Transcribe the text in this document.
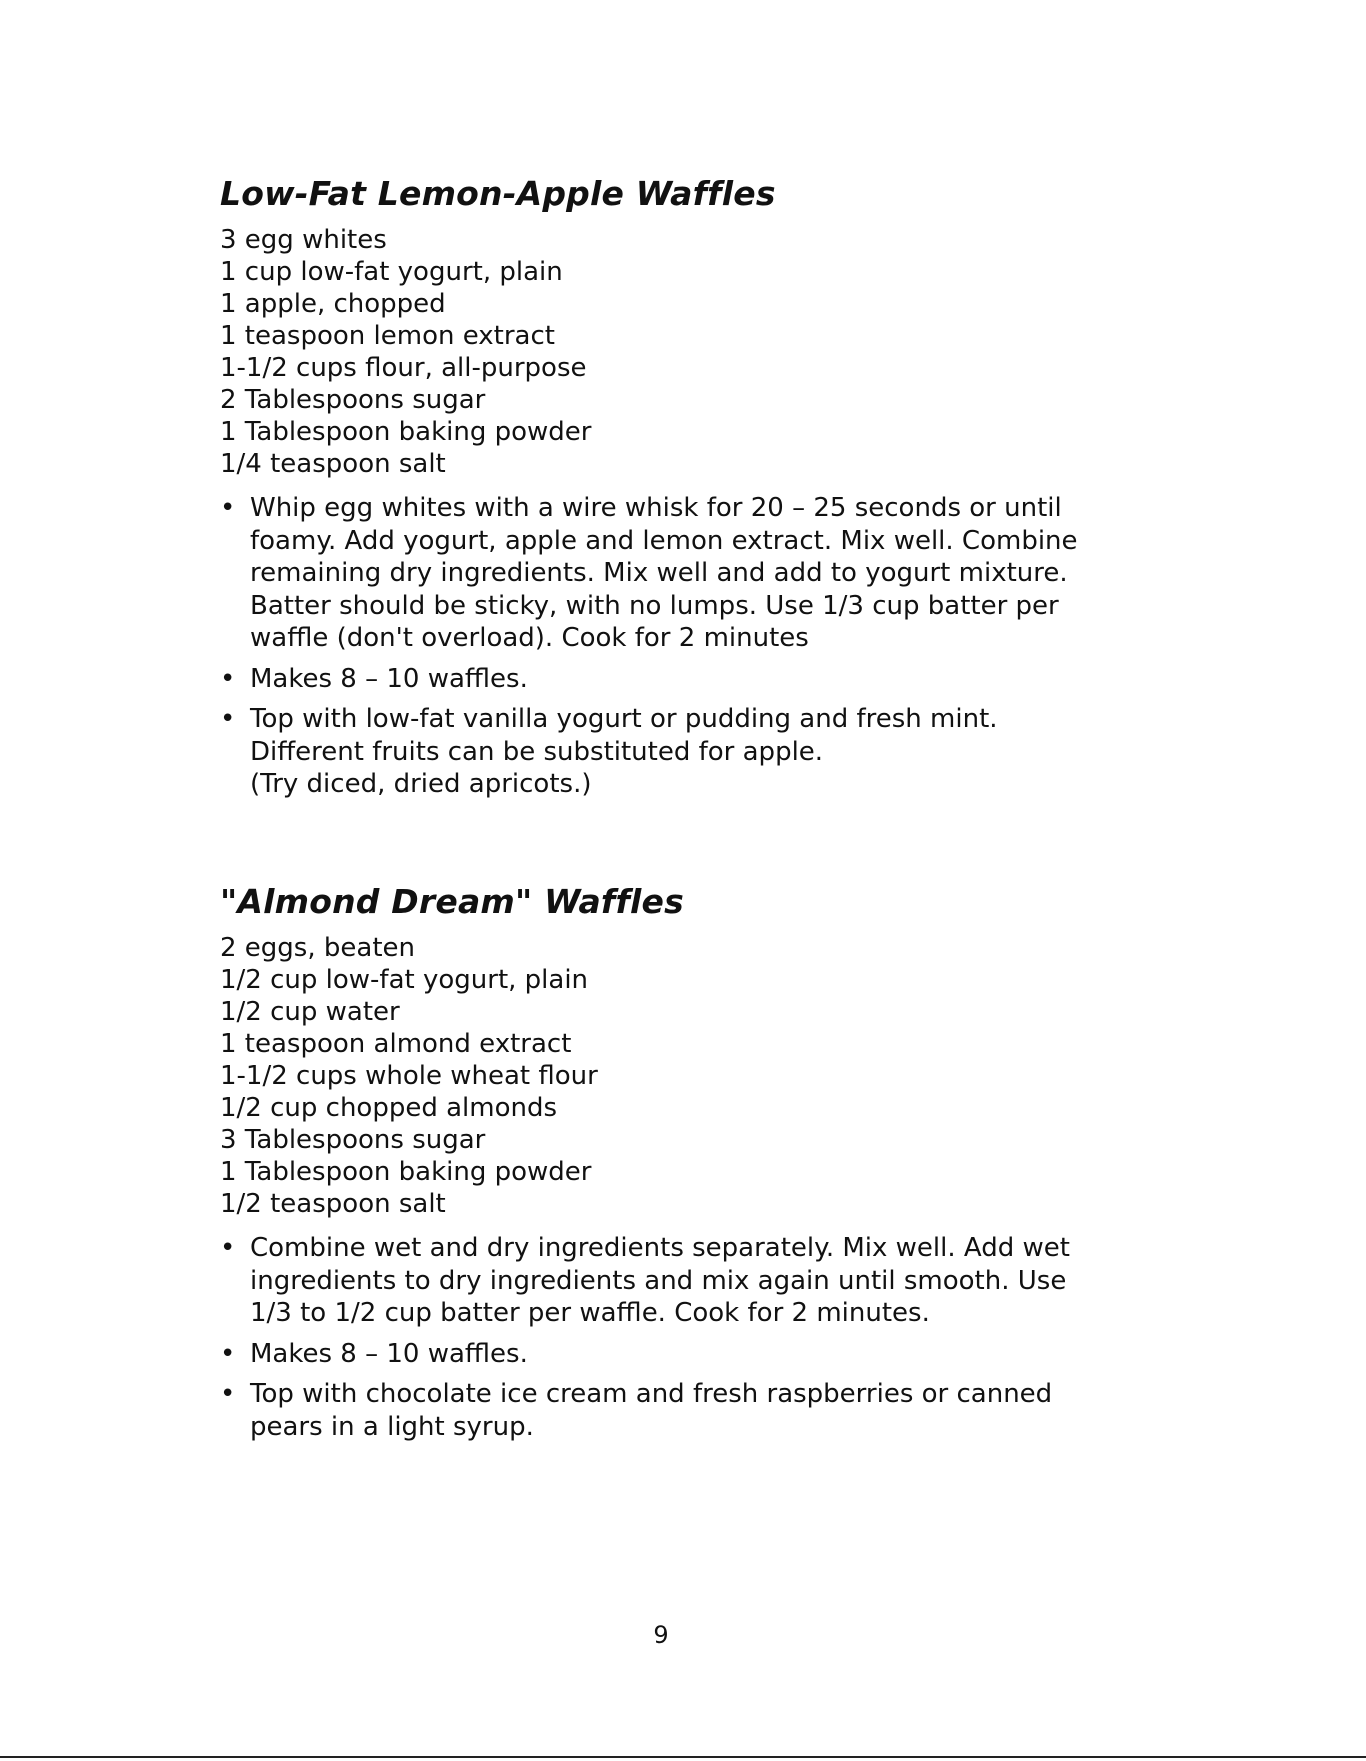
Low-Fat Lemon-Apple Waffles
3 egg whites
1 cup low-fat yogurt, plain
1 apple, chopped
1 teaspoon lemon extract
1-1/2 cups flour, all-purpose
2 Tablespoons sugar
1 Tablespoon baking powder
1/4 teaspoon salt
• Whip egg whites with a wire whisk for 20 – 25 seconds or until
foamy. Add yogurt, apple and lemon extract. Mix well. Combine
remaining dry ingredients. Mix well and add to yogurt mixture.
Batter should be sticky, with no lumps. Use 1/3 cup batter per
waffle (don't overload). Cook for 2 minutes
• Makes 8 – 10 waffles.
• Top with low-fat vanilla yogurt or pudding and fresh mint.
Different fruits can be substituted for apple.
(Try diced, dried apricots.)
"Almond Dream" Waffles
2 eggs, beaten
1/2 cup low-fat yogurt, plain
1/2 cup water
1 teaspoon almond extract
1-1/2 cups whole wheat flour
1/2 cup chopped almonds
3 Tablespoons sugar
1 Tablespoon baking powder
1/2 teaspoon salt
• Combine wet and dry ingredients separately. Mix well. Add wet
ingredients to dry ingredients and mix again until smooth. Use
1/3 to 1/2 cup batter per waffle. Cook for 2 minutes.
• Makes 8 – 10 waffles.
• Top with chocolate ice cream and fresh raspberries or canned
pears in a light syrup.
9
